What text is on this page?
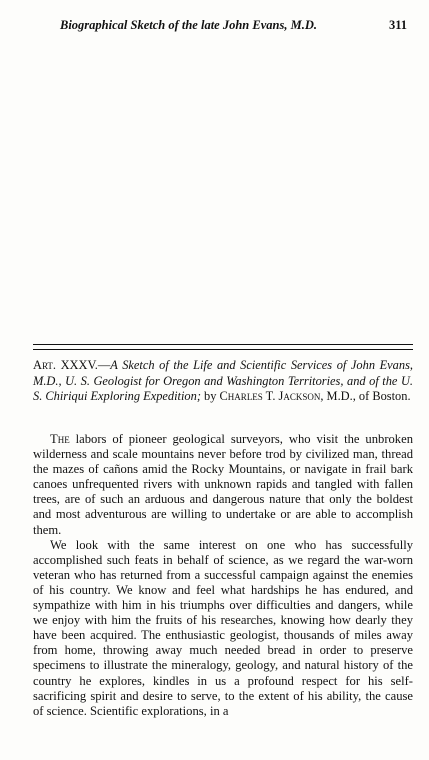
Biographical Sketch of the late John Evans, M.D.	311
Art. XXXV.—A Sketch of the Life and Scientific Services of John Evans, M.D., U. S. Geologist for Oregon and Washington Territories, and of the U. S. Chiriqui Exploring Expedition; by Charles T. Jackson, M.D., of Boston.

The labors of pioneer geological surveyors, who visit the unbroken wilderness and scale mountains never before trod by civilized man, thread the mazes of cañons amid the Rocky Mountains, or navigate in frail bark canoes unfrequented rivers with unknown rapids and tangled with fallen trees, are of such an arduous and dangerous nature that only the boldest and most adventurous are willing to undertake or are able to accomplish them.

We look with the same interest on one who has successfully accomplished such feats in behalf of science, as we regard the war-worn veteran who has returned from a successful campaign against the enemies of his country. We know and feel what hardships he has endured, and sympathize with him in his triumphs over difficulties and dangers, while we enjoy with him the fruits of his researches, knowing how dearly they have been acquired. The enthusiastic geologist, thousands of miles away from home, throwing away much needed bread in order to preserve specimens to illustrate the mineralogy, geology, and natural history of the country he explores, kindles in us a profound respect for his self-sacrificing spirit and desire to serve, to the extent of his ability, the cause of science. Scientific explorations, in a
